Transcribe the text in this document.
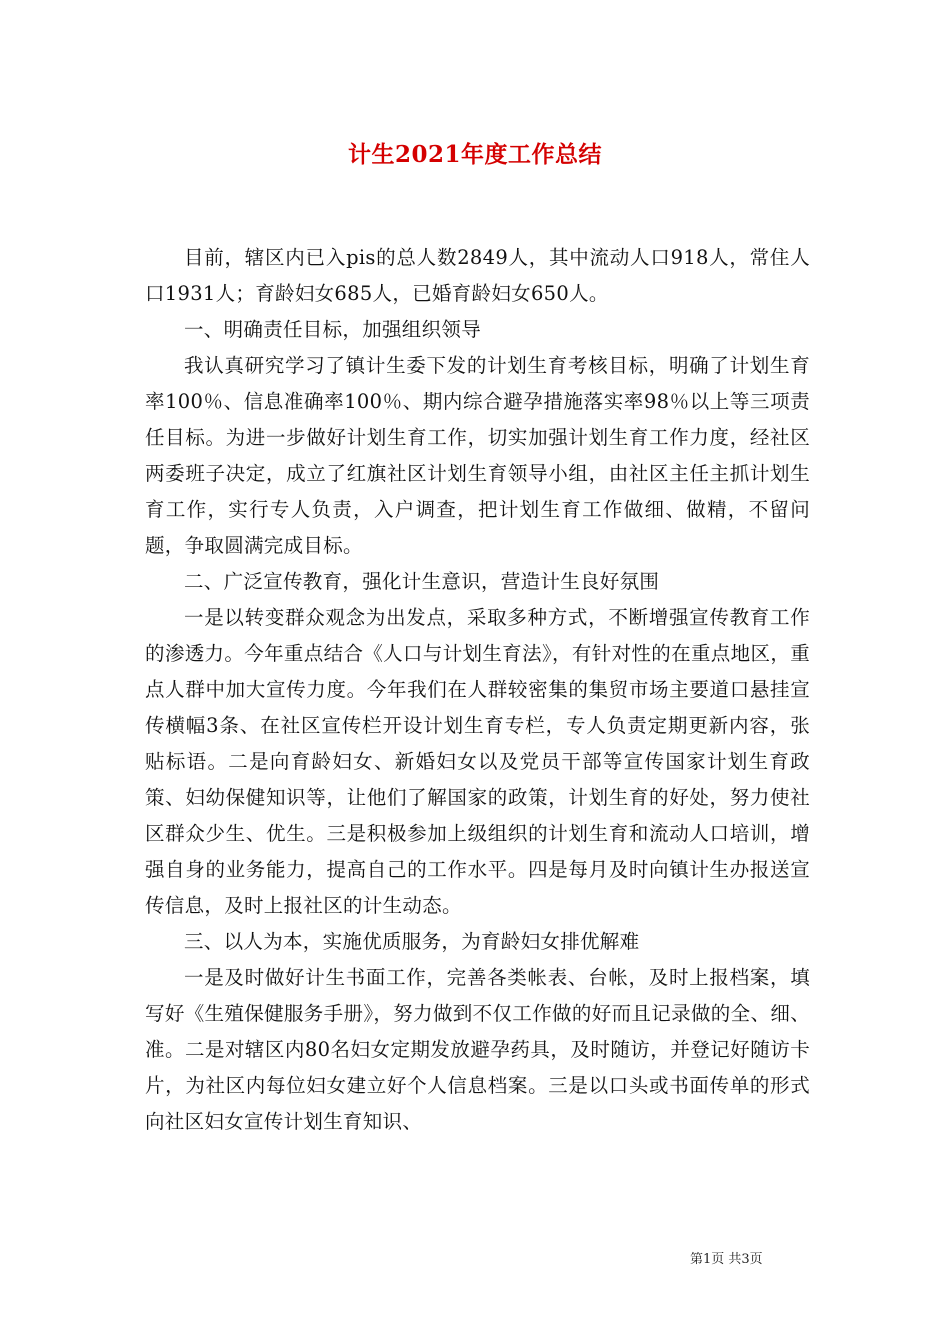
计生2021年度工作总结

目前，辖区内已入pis的总人数2849人，其中流动人口918人，常住人口1931人；育龄妇女685人，已婚育龄妇女650人。

一、明确责任目标，加强组织领导

我认真研究学习了镇计生委下发的计划生育考核目标，明确了计划生育率100％、信息准确率100％、期内综合避孕措施落实率98％以上等三项责任目标。为进一步做好计划生育工作，切实加强计划生育工作力度，经社区两委班子决定，成立了红旗社区计划生育领导小组，由社区主任主抓计划生育工作，实行专人负责，入户调查，把计划生育工作做细、做精，不留问题，争取圆满完成目标。

二、广泛宣传教育，强化计生意识，营造计生良好氛围

一是以转变群众观念为出发点，采取多种方式，不断增强宣传教育工作的渗透力。今年重点结合《人口与计划生育法》，有针对性的在重点地区，重点人群中加大宣传力度。今年我们在人群较密集的集贸市场主要道口悬挂宣传横幅3条、在社区宣传栏开设计划生育专栏，专人负责定期更新内容，张贴标语。二是向育龄妇女、新婚妇女以及党员干部等宣传国家计划生育政策、妇幼保健知识等，让他们了解国家的政策，计划生育的好处，努力使社区群众少生、优生。三是积极参加上级组织的计划生育和流动人口培训，增强自身的业务能力，提高自己的工作水平。四是每月及时向镇计生办报送宣传信息，及时上报社区的计生动态。

三、以人为本，实施优质服务，为育龄妇女排优解难

一是及时做好计生书面工作，完善各类帐表、台帐，及时上报档案，填写好《生殖保健服务手册》，努力做到不仅工作做的好而且记录做的全、细、准。二是对辖区内80名妇女定期发放避孕药具，及时随访，并登记好随访卡片，为社区内每位妇女建立好个人信息档案。三是以口头或书面传单的形式向社区妇女宣传计划生育知识、

第1页 共3页
